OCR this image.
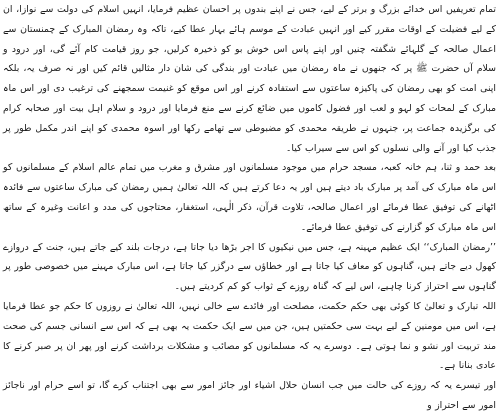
تمام تعریفیں اس خدائے بزرگ و برتر کے لیے، جس نے اپنے بندوں پر احسان عظیم فرمایا، انہیں اسلام کی دولت سے نوازا، ان کے لیے فضیلت کے اوقات مقرر کیے اور انہیں عبادت کے موسم ہائے بہار عطا کیے، تاکہ وہ رمضان المبارک کے چمنستان سے اعمال صالحہ کے گلہائے شگفتہ چنیں اور اپنے پاس اس خوش بو کو ذخیرہ کرلیں، جو روز قیامت کام آئے گی، اور درود و سلام آں حضرت ﷺ پر کہ جنھوں نے ماہ رمضان میں عبادت اور بندگی کی شان دار مثالیں قائم کیں اور نہ صرف یہ، بلکہ اپنی امت کو بھی رمضان کی پاکیزہ ساعتوں سے استفادہ کرنے اور اس موقع کو غنیمت سمجھنے کی ترغیب دی اور اس ماہ مبارک کے لمحات کو لہو و لعب اور فضول کاموں میں ضائع کرنے سے منع فرمایا اور درود و سلام اہل بیت اور صحابہ کرام کی برگزیدہ جماعت پر، جنہوں نے طریقہ محمدی کو مضبوطی سے تھامے رکھا اور اسوہ محمدی کو اپنے اندر مکمل طور پر جذب کیا اور آنے والی نسلوں کو اس سے سیراب کیا۔

بعد حمد و ثنا، ہم خانہ کعبہ، مسجد حرام میں موجود مسلمانوں اور مشرق و مغرب میں تمام عالم اسلام کے مسلمانوں کو اس ماہ مبارک کی آمد پر مبارک باد دیتے ہیں اور یہ دعا کرتے ہیں کہ اللہ تعالیٰ ہمیں رمضان کی مبارک ساعتوں سے فائدہ اٹھانے کی توفیق عطا فرمائے اور اعمال صالحہ، تلاوت قرآن، ذکر الٰہی، استغفار، محتاجوں کی مدد و اعانت وغیرہ کے ساتھ اس ماہ مبارک کو گزارنے کی توفیق عطا فرمائے۔

’’رمضان المبارک‘‘ ایک عظیم مہینہ ہے، جس میں نیکیوں کا اجر بڑھا دیا جاتا ہے، درجات بلند کیے جاتے ہیں، جنت کے دروازے کھول دیے جاتے ہیں، گناہوں کو معاف کیا جاتا ہے اور خطاؤں سے درگزر کیا جاتا ہے، اس مبارک مہینے میں خصوصی طور پر گناہوں سے احتراز کرنا چاہیے، اس لیے کہ گناہ روزے کے ثواب کو کم کردیتے ہیں۔

اللہ تبارک و تعالیٰ کا کوئی بھی حکم حکمت، مصلحت اور فائدے سے خالی نہیں، اللہ تعالیٰ نے روزوں کا حکم جو عطا فرمایا ہے، اس میں مومنین کے لیے بہت سی حکمتیں ہیں، جن میں سے ایک حکمت یہ بھی ہے کہ اس سے انسانی جسم کی صحت مند تربیت اور نشو و نما ہوتی ہے۔ دوسرے یہ کہ مسلمانوں کو مصائب و مشکلات برداشت کرنے اور پھر ان پر صبر کرنے کا عادی بنانا ہے۔

اور تیسرے یہ کہ روزے کی حالت میں جب انسان حلال اشیاء اور جائز امور سے بھی اجتناب کرے گا، تو اسے حرام اور ناجائز امور سے احتراز و
